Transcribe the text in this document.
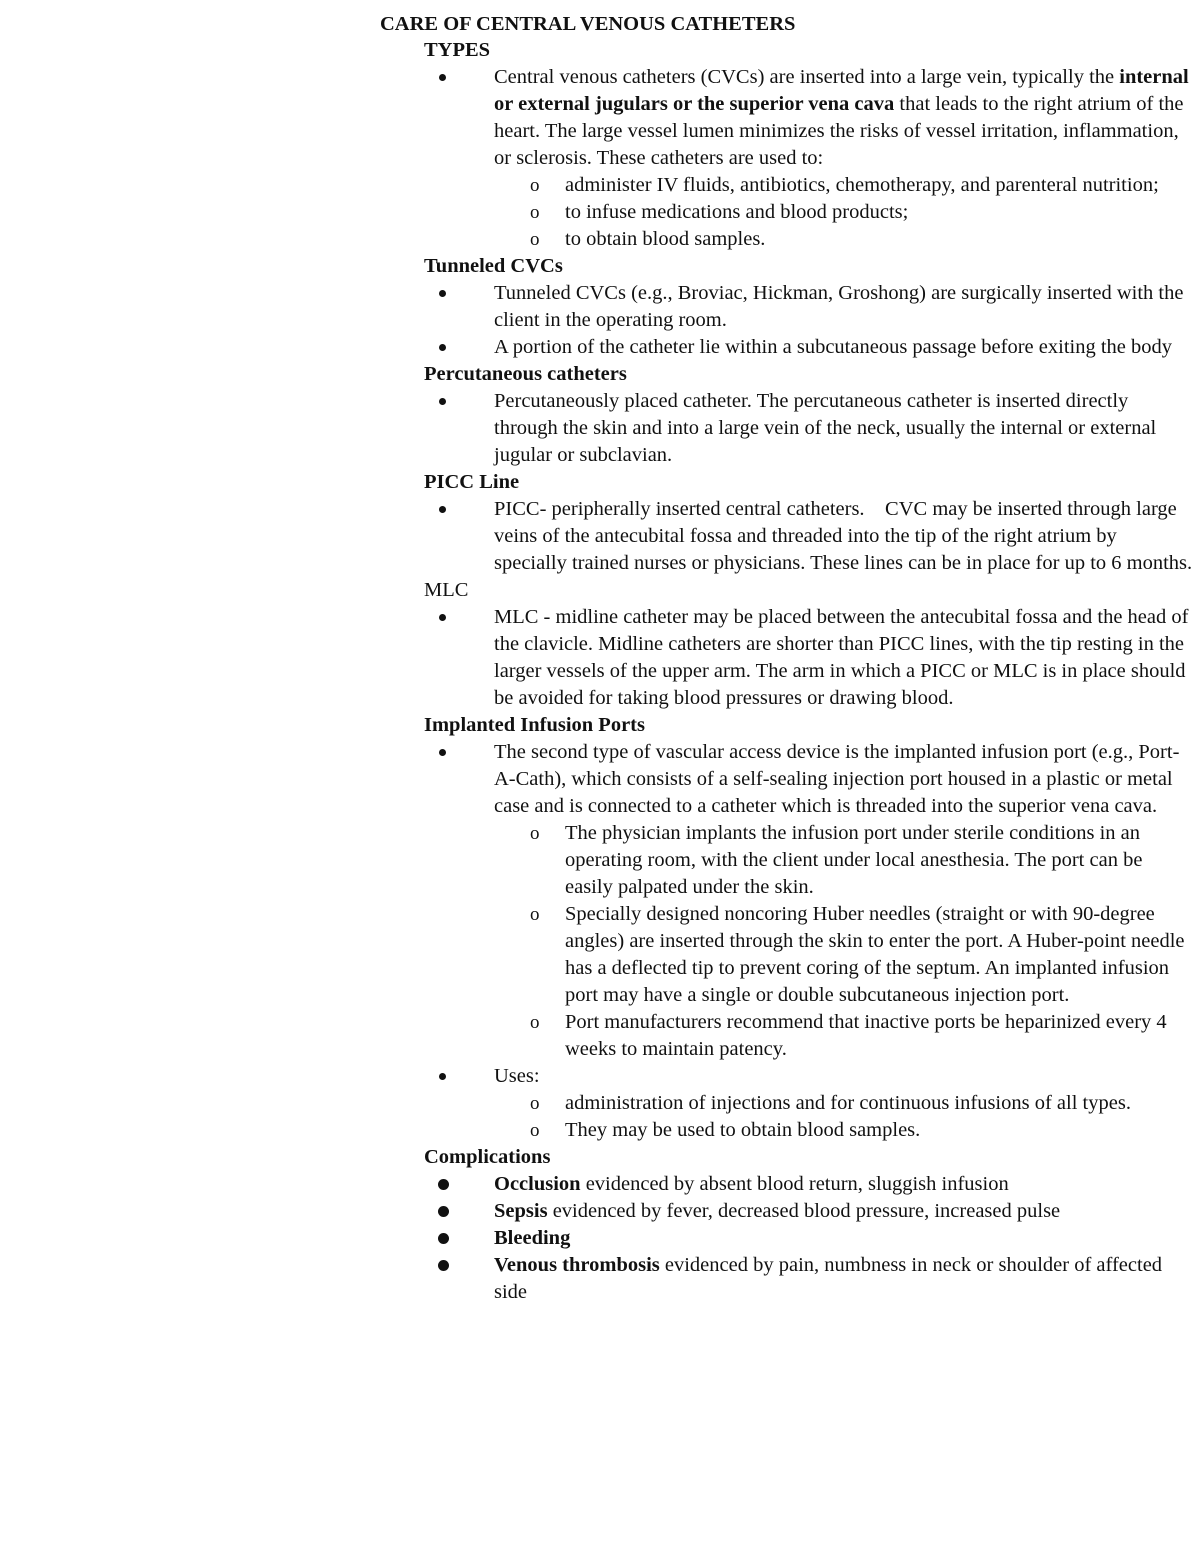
CARE OF CENTRAL VENOUS CATHETERS
TYPES
Central venous catheters (CVCs) are inserted into a large vein, typically the internal or external jugulars or the superior vena cava that leads to the right atrium of the heart. The large vessel lumen minimizes the risks of vessel irritation, inflammation, or sclerosis. These catheters are used to:
o administer IV fluids, antibiotics, chemotherapy, and parenteral nutrition;
o to infuse medications and blood products;
o to obtain blood samples.
Tunneled CVCs
Tunneled CVCs (e.g., Broviac, Hickman, Groshong) are surgically inserted with the client in the operating room.
A portion of the catheter lie within a subcutaneous passage before exiting the body
Percutaneous catheters
Percutaneously placed catheter. The percutaneous catheter is inserted directly through the skin and into a large vein of the neck, usually the internal or external jugular or subclavian.
PICC Line
PICC- peripherally inserted central catheters.    CVC may be inserted through large veins of the antecubital fossa and threaded into the tip of the right atrium by specially trained nurses or physicians. These lines can be in place for up to 6 months.
MLC
MLC - midline catheter may be placed between the antecubital fossa and the head of the clavicle. Midline catheters are shorter than PICC lines, with the tip resting in the larger vessels of the upper arm. The arm in which a PICC or MLC is in place should be avoided for taking blood pressures or drawing blood.
Implanted Infusion Ports
The second type of vascular access device is the implanted infusion port (e.g., Port-A-Cath), which consists of a self-sealing injection port housed in a plastic or metal case and is connected to a catheter which is threaded into the superior vena cava.
o The physician implants the infusion port under sterile conditions in an operating room, with the client under local anesthesia. The port can be easily palpated under the skin.
o Specially designed noncoring Huber needles (straight or with 90-degree angles) are inserted through the skin to enter the port. A Huber-point needle has a deflected tip to prevent coring of the septum. An implanted infusion port may have a single or double subcutaneous injection port.
o Port manufacturers recommend that inactive ports be heparinized every 4 weeks to maintain patency.
Uses:
o administration of injections and for continuous infusions of all types.
o They may be used to obtain blood samples.
Complications
Occlusion evidenced by absent blood return, sluggish infusion
Sepsis evidenced by fever, decreased blood pressure, increased pulse
Bleeding
Venous thrombosis evidenced by pain, numbness in neck or shoulder of affected side
